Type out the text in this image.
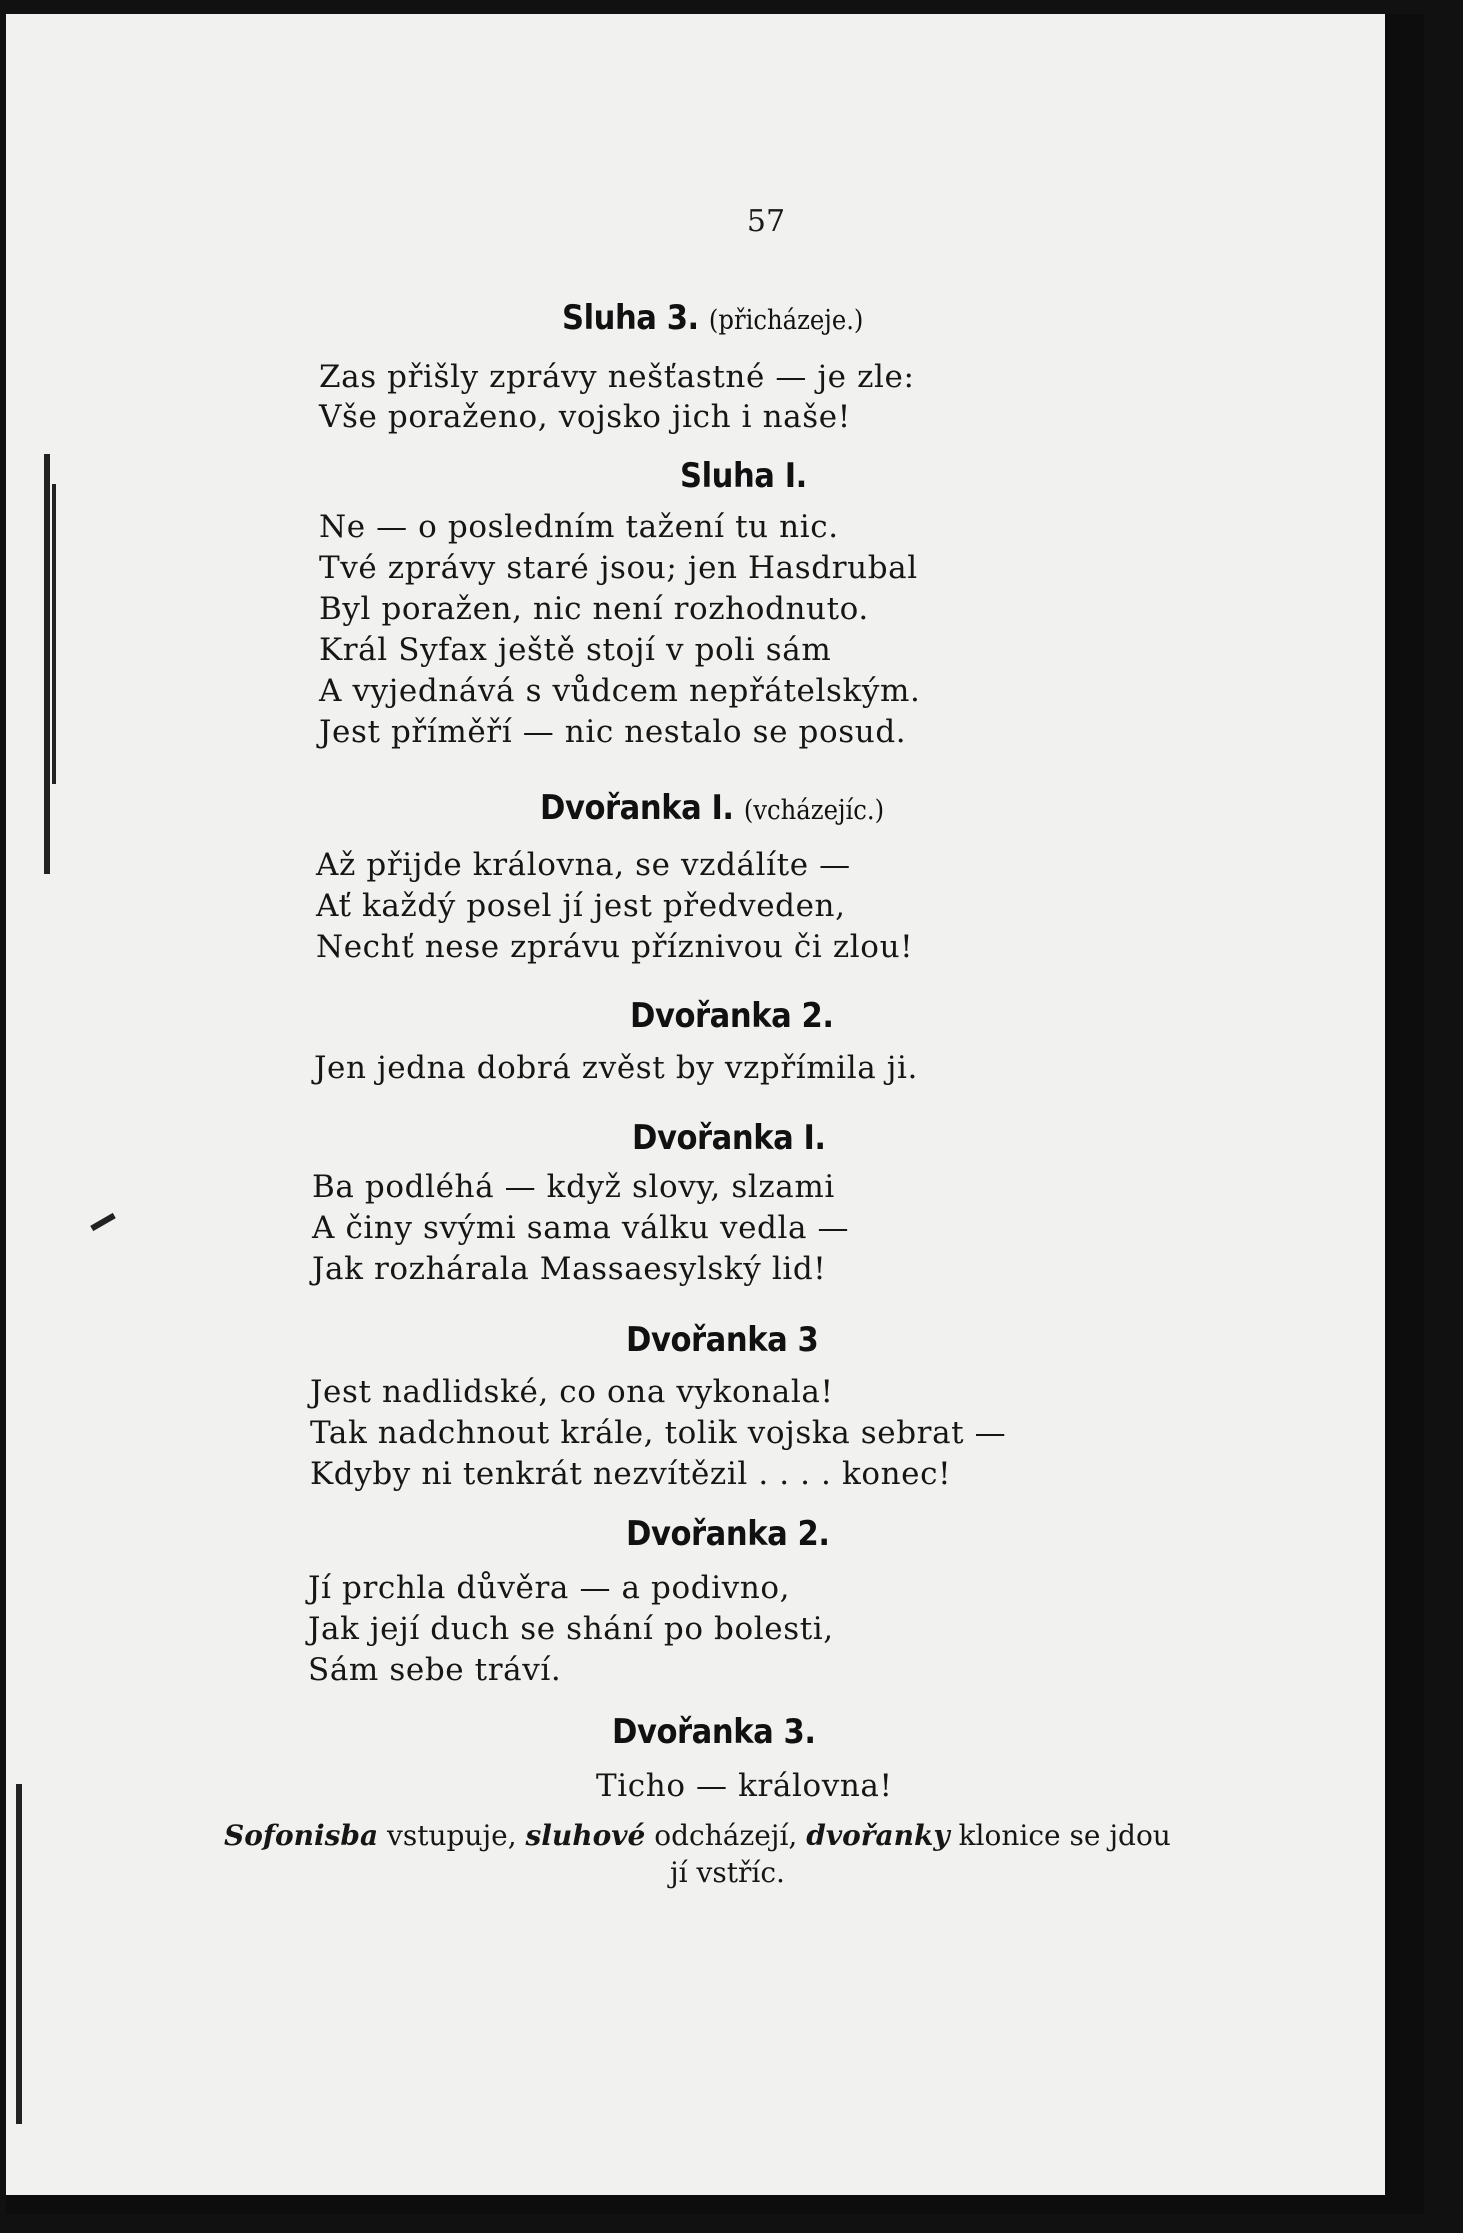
57
Sluha 3. (přicházeje.)
Zas přišly zprávy nešťastné — je zle:
Vše poraženo, vojsko jich i naše!
Sluha I.
Ne — o posledním tažení tu nic.
Tvé zprávy staré jsou; jen Hasdrubal
Byl poražen, nic není rozhodnuto.
Král Syfax ještě stojí v poli sám
A vyjednává s vůdcem nepřátelským.
Jest příměří — nic nestalo se posud.
Dvořanka I. (vcházejíc.)
Až přijde královna, se vzdálíte —
Ať každý posel jí jest předveden,
Nechť nese zprávu příznivou či zlou!
Dvořanka 2.
Jen jedna dobrá zvěst by vzpřímila ji.
Dvořanka I.
Ba podléhá — když slovy, slzami
A činy svými sama válku vedla —
Jak rozhárala Massaesylský lid!
Dvořanka 3
Jest nadlidské, co ona vykonala!
Tak nadchnout krále, tolik vojska sebrat —
Kdyby ni tenkrát nezvítězil . . . . konec!
Dvořanka 2.
Jí prchla důvěra — a podivno,
Jak její duch se shání po bolesti,
Sám sebe tráví.
Dvořanka 3.
Ticho — královna!
Sofonisba vstupuje, sluhové odcházejí, dvořanky klonice se jdou
jí vstříc.
